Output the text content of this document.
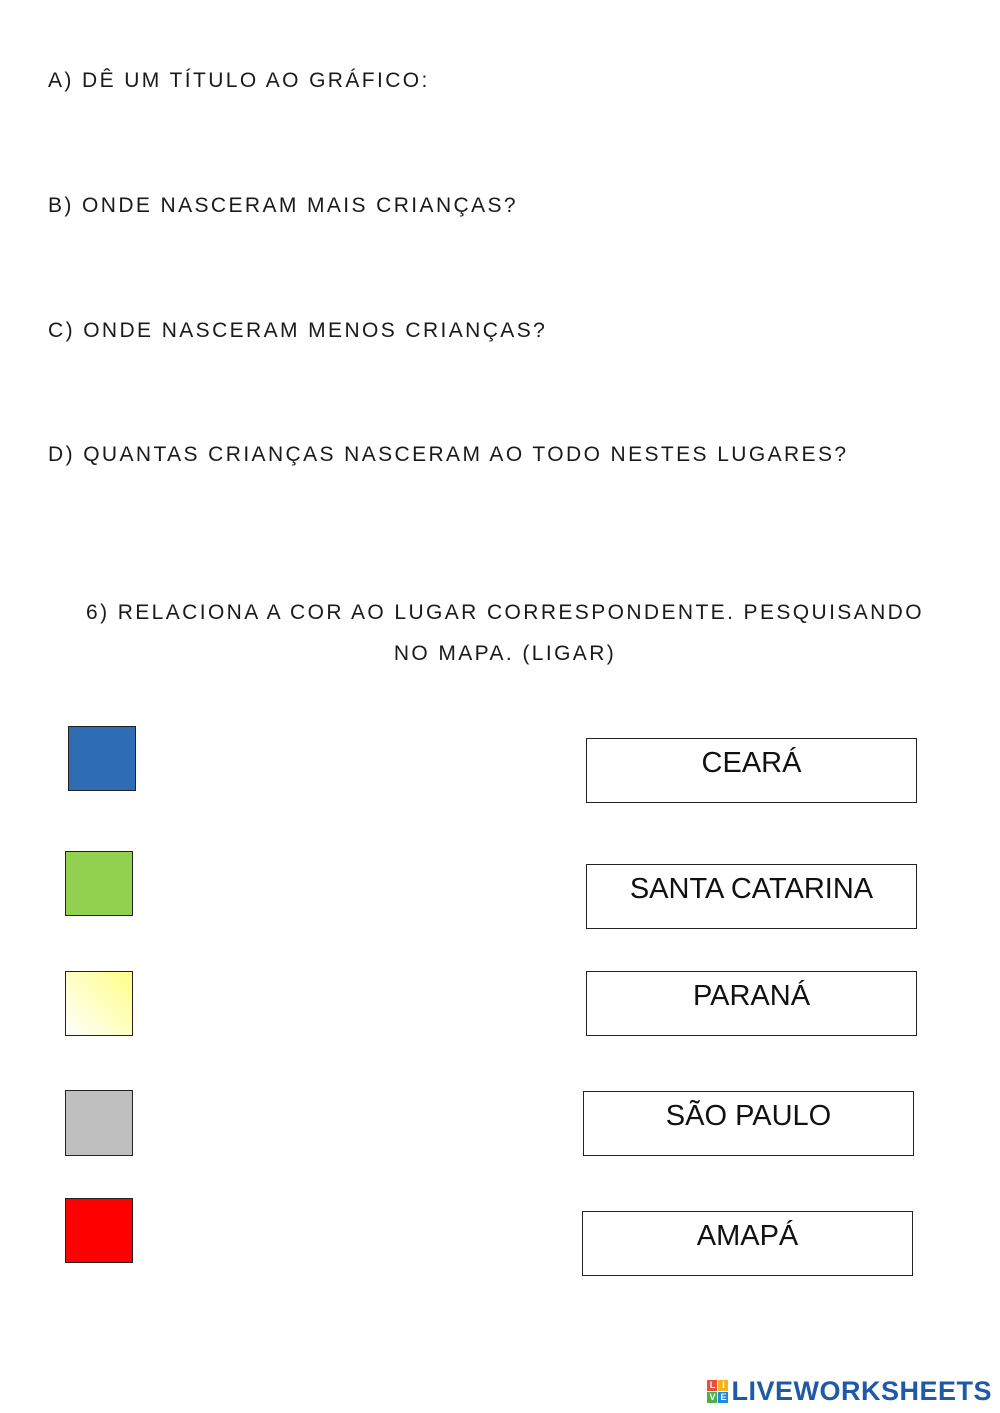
A) DÊ UM TÍTULO AO GRÁFICO:
B) ONDE NASCERAM MAIS CRIANÇAS?
C) ONDE NASCERAM MENOS CRIANÇAS?
D) QUANTAS CRIANÇAS NASCERAM AO TODO NESTES LUGARES?
6) RELACIONA A COR AO LUGAR CORRESPONDENTE. PESQUISANDO
NO MAPA. (LIGAR)
CEARÁ
SANTA CATARINA
PARANÁ
SÃO PAULO
AMAPÁ
L I
V E LIVEWORKSHEETS
